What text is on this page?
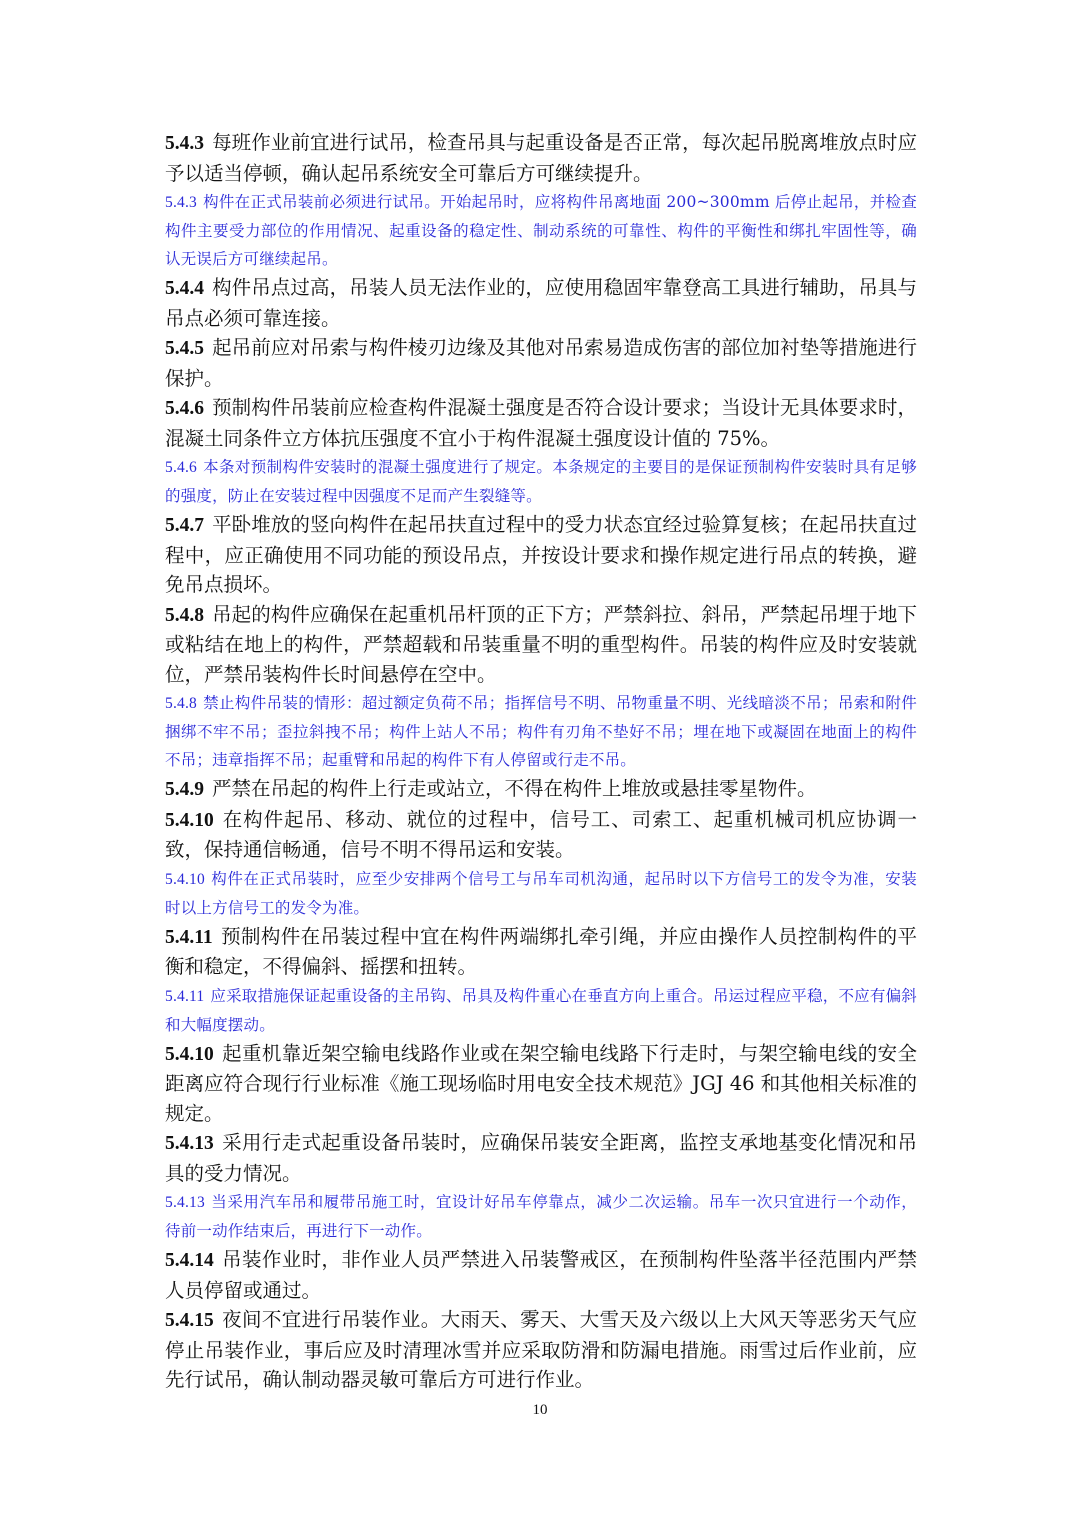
5.4.3 每班作业前宜进行试吊，检查吊具与起重设备是否正常，每次起吊脱离堆放点时应予以适当停顿，确认起吊系统安全可靠后方可继续提升。

5.4.3 构件在正式吊装前必须进行试吊。开始起吊时，应将构件吊离地面 200~300mm 后停止起吊，并检查构件主要受力部位的作用情况、起重设备的稳定性、制动系统的可靠性、构件的平衡性和绑扎牢固性等，确认无误后方可继续起吊。

5.4.4 构件吊点过高，吊装人员无法作业的，应使用稳固牢靠登高工具进行辅助，吊具与吊点必须可靠连接。

5.4.5 起吊前应对吊索与构件棱刃边缘及其他对吊索易造成伤害的部位加衬垫等措施进行保护。

5.4.6 预制构件吊装前应检查构件混凝土强度是否符合设计要求；当设计无具体要求时，混凝土同条件立方体抗压强度不宜小于构件混凝土强度设计值的 75%。

5.4.6 本条对预制构件安装时的混凝土强度进行了规定。本条规定的主要目的是保证预制构件安装时具有足够的强度，防止在安装过程中因强度不足而产生裂缝等。

5.4.7 平卧堆放的竖向构件在起吊扶直过程中的受力状态宜经过验算复核；在起吊扶直过程中，应正确使用不同功能的预设吊点，并按设计要求和操作规定进行吊点的转换，避免吊点损坏。

5.4.8 吊起的构件应确保在起重机吊杆顶的正下方；严禁斜拉、斜吊，严禁起吊埋于地下或粘结在地上的构件，严禁超载和吊装重量不明的重型构件。吊装的构件应及时安装就位，严禁吊装构件长时间悬停在空中。

5.4.8 禁止构件吊装的情形：超过额定负荷不吊；指挥信号不明、吊物重量不明、光线暗淡不吊；吊索和附件捆绑不牢不吊；歪拉斜拽不吊；构件上站人不吊；构件有刃角不垫好不吊；埋在地下或凝固在地面上的构件不吊；违章指挥不吊；起重臂和吊起的构件下有人停留或行走不吊。

5.4.9 严禁在吊起的构件上行走或站立，不得在构件上堆放或悬挂零星物件。

5.4.10 在构件起吊、移动、就位的过程中，信号工、司索工、起重机械司机应协调一致，保持通信畅通，信号不明不得吊运和安装。

5.4.10 构件在正式吊装时，应至少安排两个信号工与吊车司机沟通，起吊时以下方信号工的发令为准，安装时以上方信号工的发令为准。

5.4.11 预制构件在吊装过程中宜在构件两端绑扎牵引绳，并应由操作人员控制构件的平衡和稳定，不得偏斜、摇摆和扭转。

5.4.11 应采取措施保证起重设备的主吊钩、吊具及构件重心在垂直方向上重合。吊运过程应平稳，不应有偏斜和大幅度摆动。

5.4.10 起重机靠近架空输电线路作业或在架空输电线路下行走时，与架空输电线的安全距离应符合现行行业标准《施工现场临时用电安全技术规范》JGJ 46 和其他相关标准的规定。

5.4.13 采用行走式起重设备吊装时，应确保吊装安全距离，监控支承地基变化情况和吊具的受力情况。

5.4.13 当采用汽车吊和履带吊施工时，宜设计好吊车停靠点，减少二次运输。吊车一次只宜进行一个动作，待前一动作结束后，再进行下一动作。

5.4.14 吊装作业时，非作业人员严禁进入吊装警戒区，在预制构件坠落半径范围内严禁人员停留或通过。

5.4.15 夜间不宜进行吊装作业。大雨天、雾天、大雪天及六级以上大风天等恶劣天气应停止吊装作业，事后应及时清理冰雪并应采取防滑和防漏电措施。雨雪过后作业前，应先行试吊，确认制动器灵敏可靠后方可进行作业。

10
